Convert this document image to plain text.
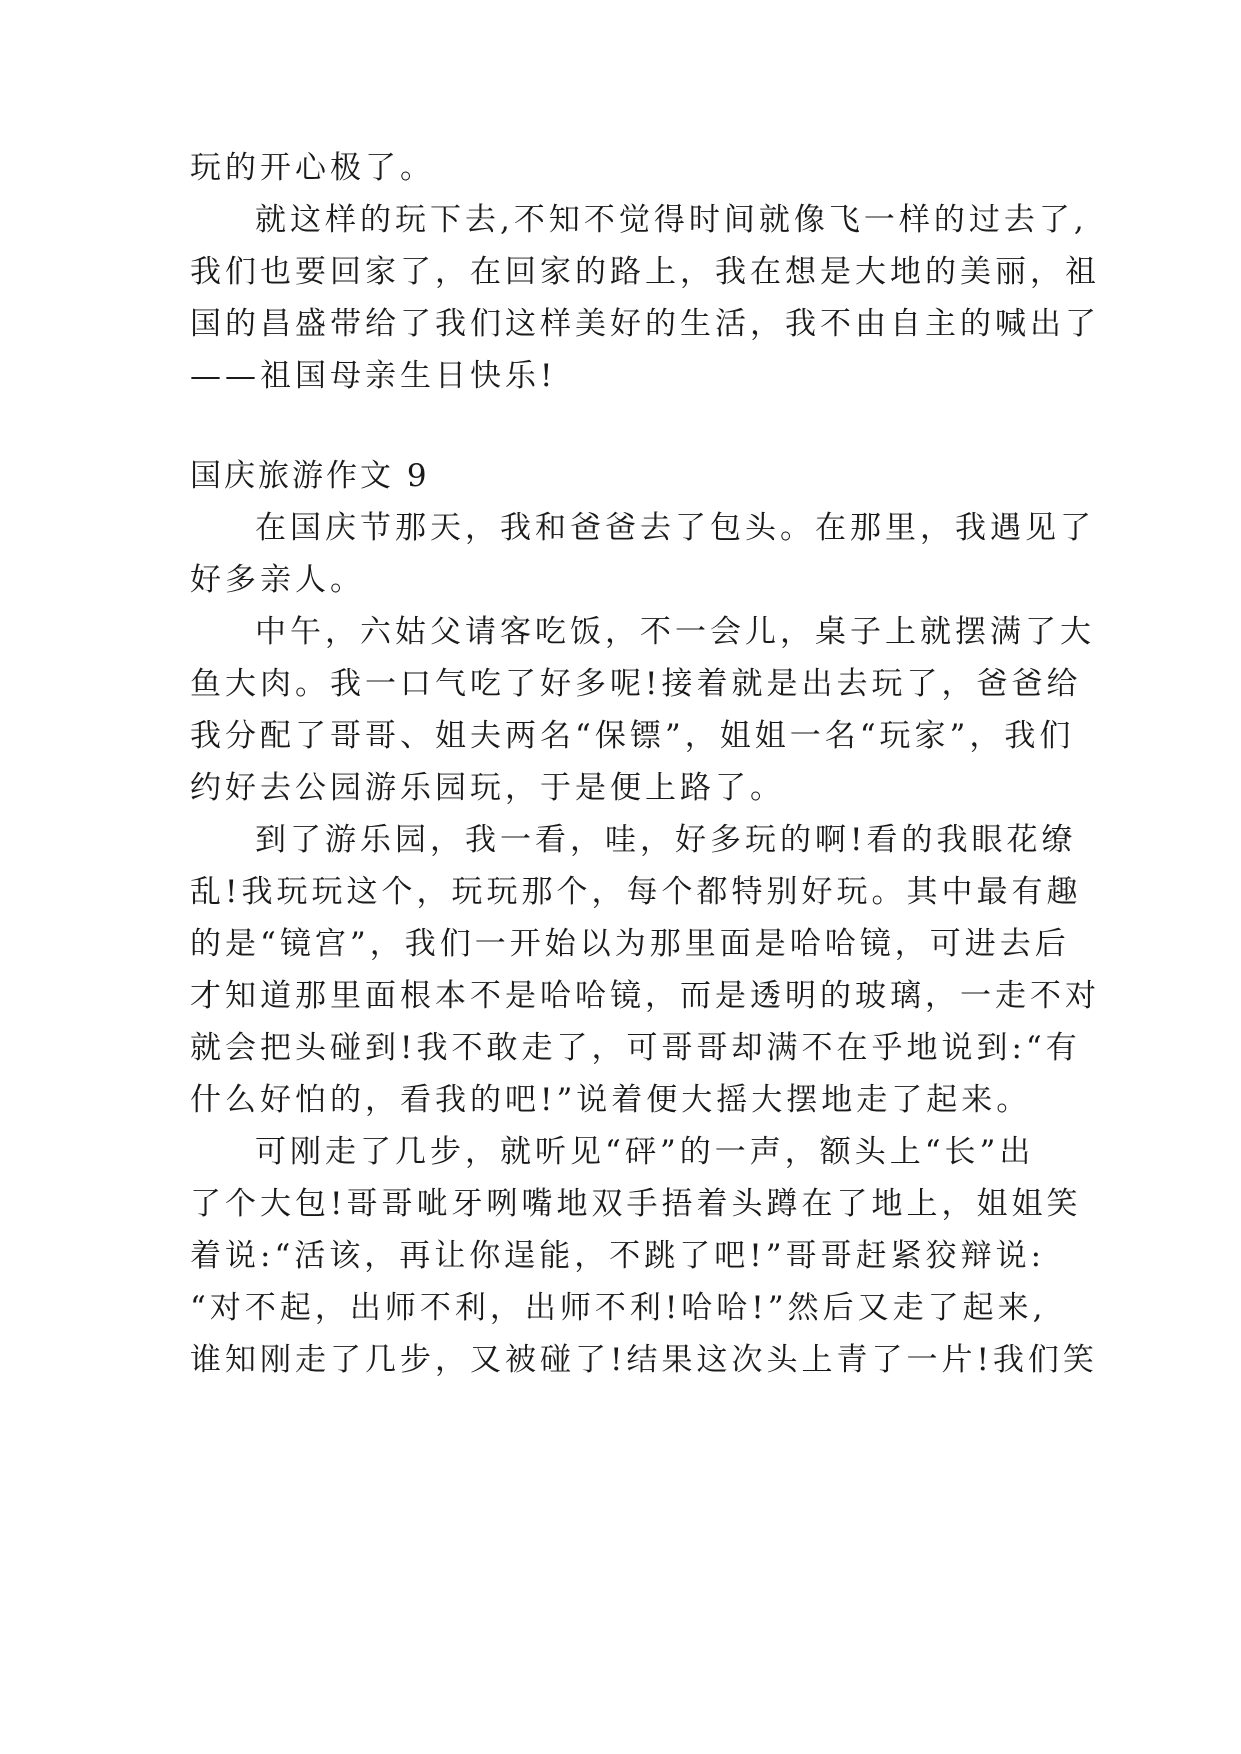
玩的开心极了。
就这样的玩下去,不知不觉得时间就像飞一样的过去了,
我们也要回家了，在回家的路上，我在想是大地的美丽，祖
国的昌盛带给了我们这样美好的生活，我不由自主的喊出了
——祖国母亲生日快乐!
国庆旅游作文 9
在国庆节那天，我和爸爸去了包头。在那里，我遇见了
好多亲人。
中午，六姑父请客吃饭，不一会儿，桌子上就摆满了大
鱼大肉。我一口气吃了好多呢!接着就是出去玩了，爸爸给
我分配了哥哥、姐夫两名“保镖”，姐姐一名“玩家”，我们
约好去公园游乐园玩，于是便上路了。
到了游乐园，我一看，哇，好多玩的啊!看的我眼花缭
乱!我玩玩这个，玩玩那个，每个都特别好玩。其中最有趣
的是“镜宫”，我们一开始以为那里面是哈哈镜，可进去后
才知道那里面根本不是哈哈镜，而是透明的玻璃，一走不对
就会把头碰到!我不敢走了，可哥哥却满不在乎地说到:“有
什么好怕的，看我的吧!”说着便大摇大摆地走了起来。
可刚走了几步，就听见“砰”的一声，额头上“长”出
了个大包!哥哥呲牙咧嘴地双手捂着头蹲在了地上，姐姐笑
着说:“活该，再让你逞能，不跳了吧!”哥哥赶紧狡辩说:
“对不起，出师不利，出师不利!哈哈!”然后又走了起来,
谁知刚走了几步，又被碰了!结果这次头上青了一片!我们笑
